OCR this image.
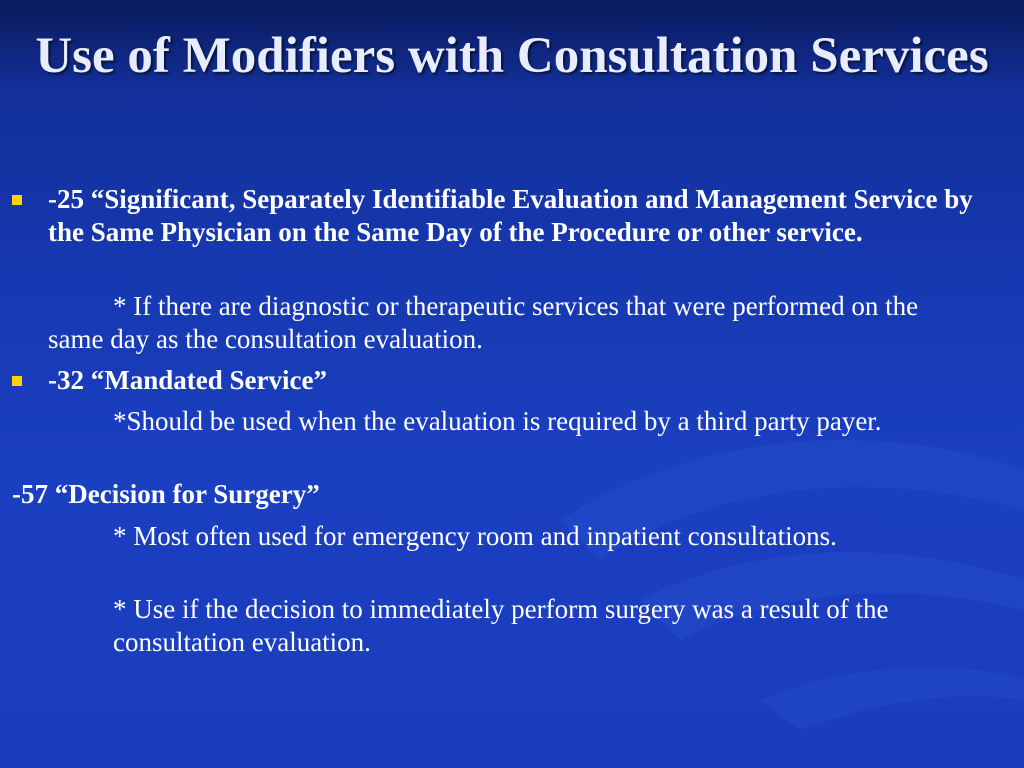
Use of Modifiers with Consultation Services
-25 “Significant, Separately Identifiable Evaluation and Management Service by the Same Physician on the Same Day of the Procedure or other service.
* If there are diagnostic or therapeutic services that were performed on the same day as the consultation evaluation.
-32 “Mandated Service”
*Should be used when the evaluation is required by a third party payer.
-57 “Decision for Surgery”
* Most often used for emergency room and inpatient consultations.
* Use if the decision to immediately perform surgery was a result of the consultation evaluation.
